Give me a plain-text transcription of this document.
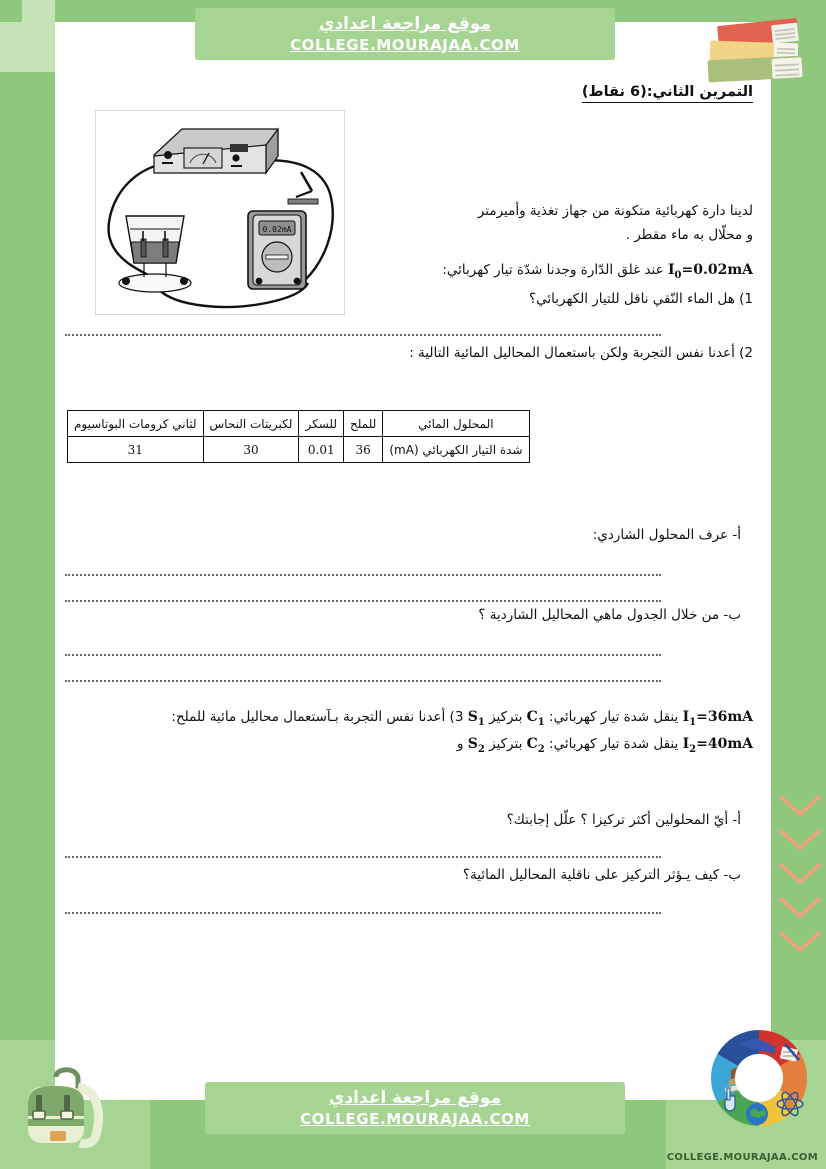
التمرين الثاني:(6 نقاط)
0.02mA
لدينا دارة كهربائية متكونة من جهاز تغذية وأميرمتر
و محلّال به ماء مقطر .
$I_0=0.02mA$ عند غلق الدّارة وجدنا شدّة تيار كهربائي:
1) هل الماء النّقي ناقل للتيار الكهربائي؟
2) أعدنا نفس التجربة ولكن باستعمال المحاليل المائية التالية :
المحلول المائي	للملح	للسكر	لكبريتات النحاس	لثاني كرومات البوتاسيوم
شدة التيار الكهربائي (mA)	36	0.01	30	31
أ- عرف المحلول الشاردي:
ب- من خلال الجدول ماهي المحاليل الشاردية ؟
$I_1=36mA$ ينقل شدة تيار كهربائي: $C_1$ بتركيز $S_1$ 3) أعدنا نفس التجربة بـآستعمال محاليل مائية للملح:
$I_2=40mA$ ينقل شدة تيار كهربائي: $C_2$ بتركيز $S_2$ و
أ- أيّ المحلولين أكثر تركيزا ؟ علّل إجابتك؟
ب- كيف يـؤثر التركيز على ناقلية المحاليل المائية؟
موقع مراجعة اعدادي
COLLEGE.MOURAJAA.COM
موقع مراجعة اعدادي
COLLEGE.MOURAJAA.COM
COLLEGE.MOURAJAA.COM
